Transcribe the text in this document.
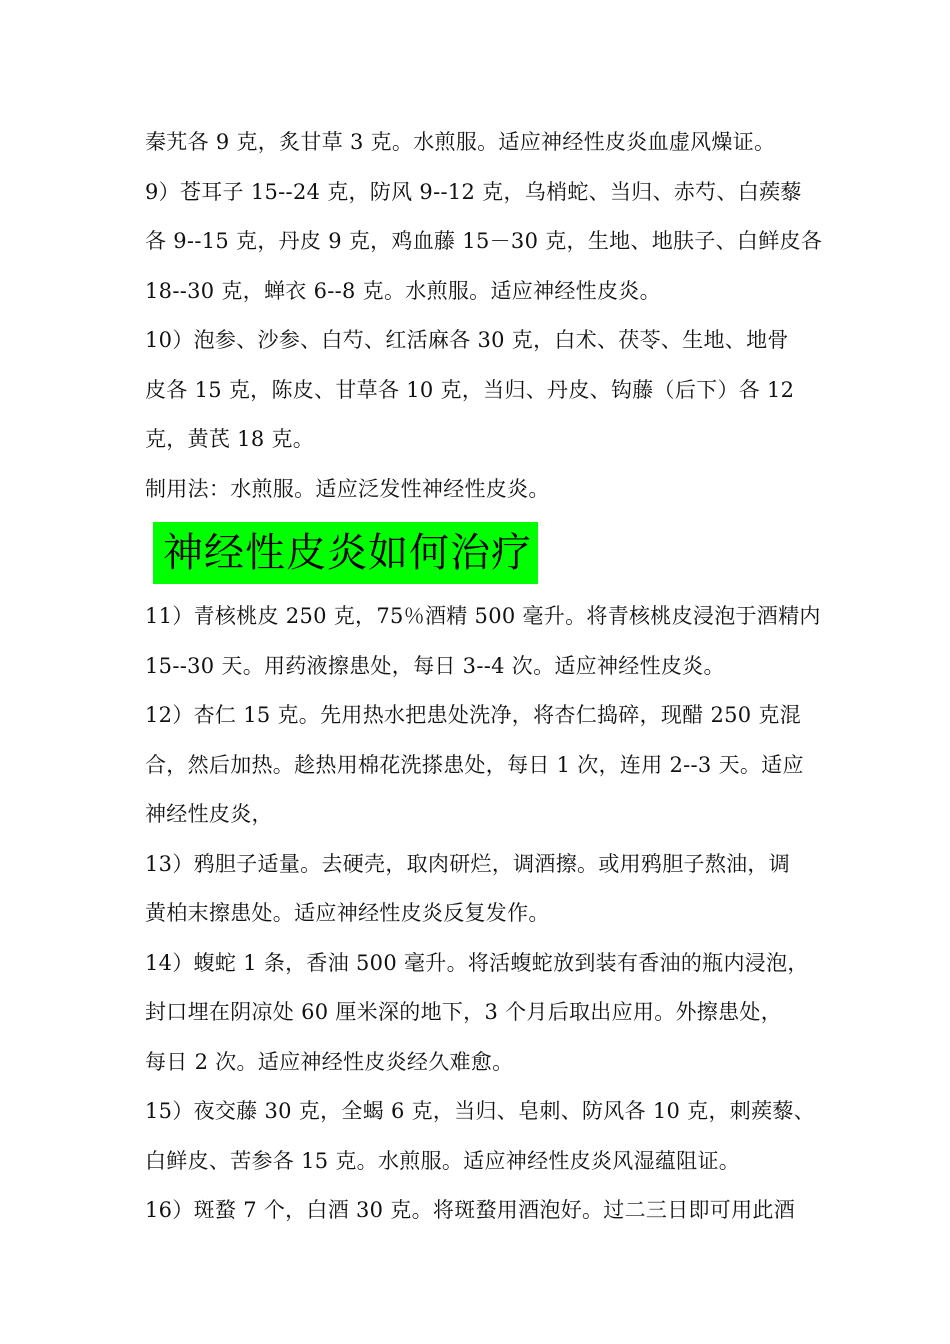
秦艽各 9 克，炙甘草 3 克。水煎服。适应神经性皮炎血虚风燥证。
9）苍耳子 15--24 克，防风 9--12 克，乌梢蛇、当归、赤芍、白蒺藜
各 9--15 克，丹皮 9 克，鸡血藤 15－30 克，生地、地肤子、白鲜皮各
18--30 克，蝉衣 6--8 克。水煎服。适应神经性皮炎。
10）泡参、沙参、白芍、红活麻各 30 克，白术、茯苓、生地、地骨
皮各 15 克，陈皮、甘草各 10 克，当归、丹皮、钩藤（后下）各 12
克，黄芪 18 克。
制用法：水煎服。适应泛发性神经性皮炎。
神经性皮炎如何治疗
11）青核桃皮 250 克，75％酒精 500 毫升。将青核桃皮浸泡于酒精内
15--30 天。用药液擦患处，每日 3--4 次。适应神经性皮炎。
12）杏仁 15 克。先用热水把患处洗净，将杏仁捣碎，现醋 250 克混
合，然后加热。趁热用棉花洗搽患处，每日 1 次，连用 2--3 天。适应
神经性皮炎，
13）鸦胆子适量。去硬壳，取肉研烂，调酒擦。或用鸦胆子熬油，调
黄柏末擦患处。适应神经性皮炎反复发作。
14）蝮蛇 1 条，香油 500 毫升。将活蝮蛇放到装有香油的瓶内浸泡，
封口埋在阴凉处 60 厘米深的地下，3 个月后取出应用。外擦患处，
每日 2 次。适应神经性皮炎经久难愈。
15）夜交藤 30 克，全蝎 6 克，当归、皂刺、防风各 10 克，刺蒺藜、
白鲜皮、苦参各 15 克。水煎服。适应神经性皮炎风湿蕴阻证。
16）斑蝥 7 个，白酒 30 克。将斑蝥用酒泡好。过二三日即可用此酒
